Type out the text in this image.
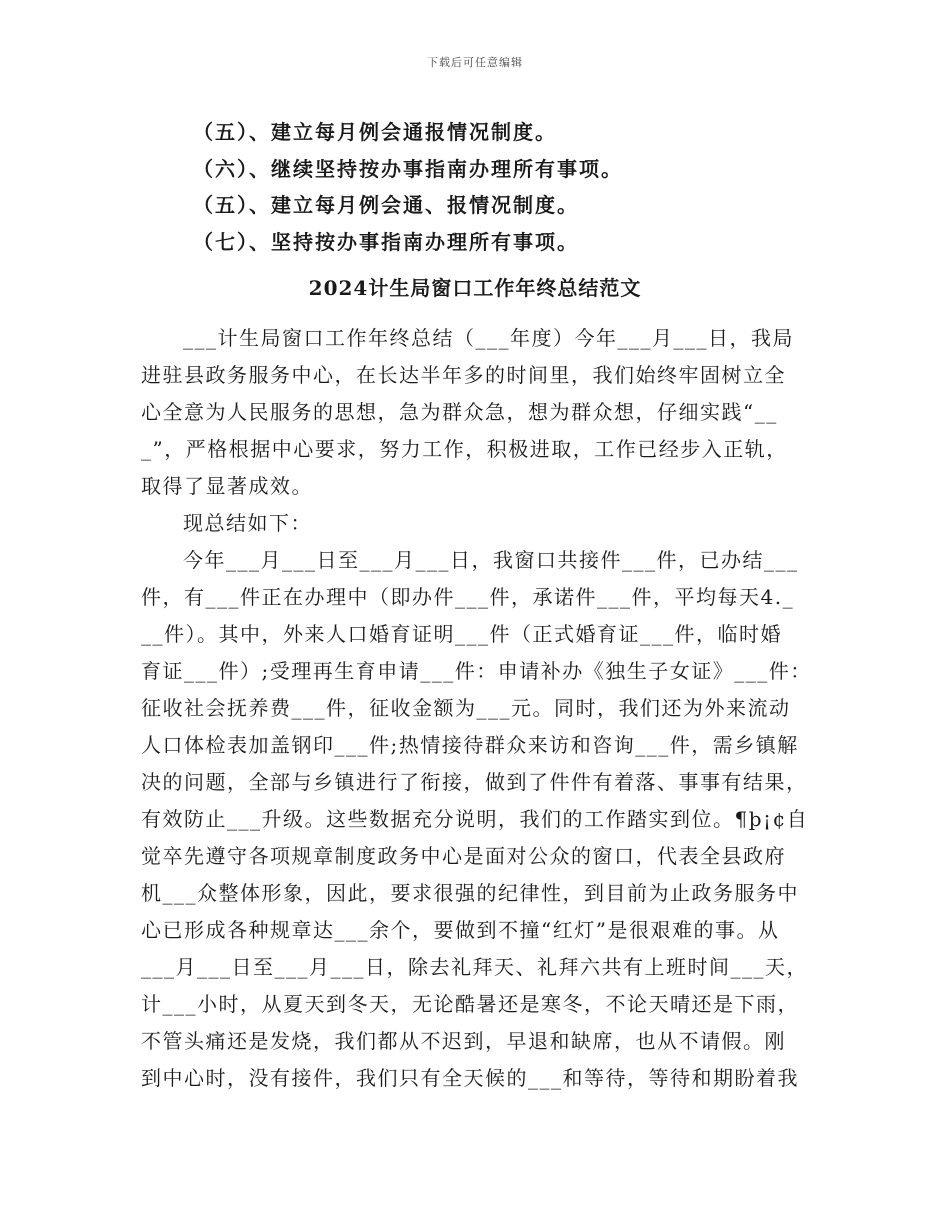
下载后可任意编辑
（五）、建立每月例会通报情况制度。
（六）、继续坚持按办事指南办理所有事项。
（五）、建立每月例会通、报情况制度。
（七）、坚持按办事指南办理所有事项。
2024计生局窗口工作年终总结范文
___计生局窗口工作年终总结（___年度）今年___月___日，我局
进驻县政务服务中心，在长达半年多的时间里，我们始终牢固树立全
心全意为人民服务的思想，急为群众急，想为群众想，仔细实践“__
_”，严格根据中心要求，努力工作，积极进取，工作已经步入正轨，
取得了显著成效。
现总结如下：
今年___月___日至___月___日，我窗口共接件___件，已办结___
件，有___件正在办理中（即办件___件，承诺件___件，平均每天4._
__件）。其中，外来人口婚育证明___件（正式婚育证___件，临时婚
育证___件）;受理再生育申请___件：申请补办《独生子女证》___件：
征收社会抚养费___件，征收金额为___元。同时，我们还为外来流动
人口体检表加盖钢印___件;热情接待群众来访和咨询___件，需乡镇解
决的问题，全部与乡镇进行了衔接，做到了件件有着落、事事有结果，
有效防止___升级。这些数据充分说明，我们的工作踏实到位。¶þ¡¢自
觉卒先遵守各项规章制度政务中心是面对公众的窗口，代表全县政府
机___众整体形象，因此，要求很强的纪律性，到目前为止政务服务中
心已形成各种规章达___余个，要做到不撞“红灯”是很艰难的事。从
___月___日至___月___日，除去礼拜天、礼拜六共有上班时间___天，
计___小时，从夏天到冬天，无论酷暑还是寒冬，不论天晴还是下雨，
不管头痛还是发烧，我们都从不迟到，早退和缺席，也从不请假。刚
到中心时，没有接件，我们只有全天候的___和等待，等待和期盼着我
